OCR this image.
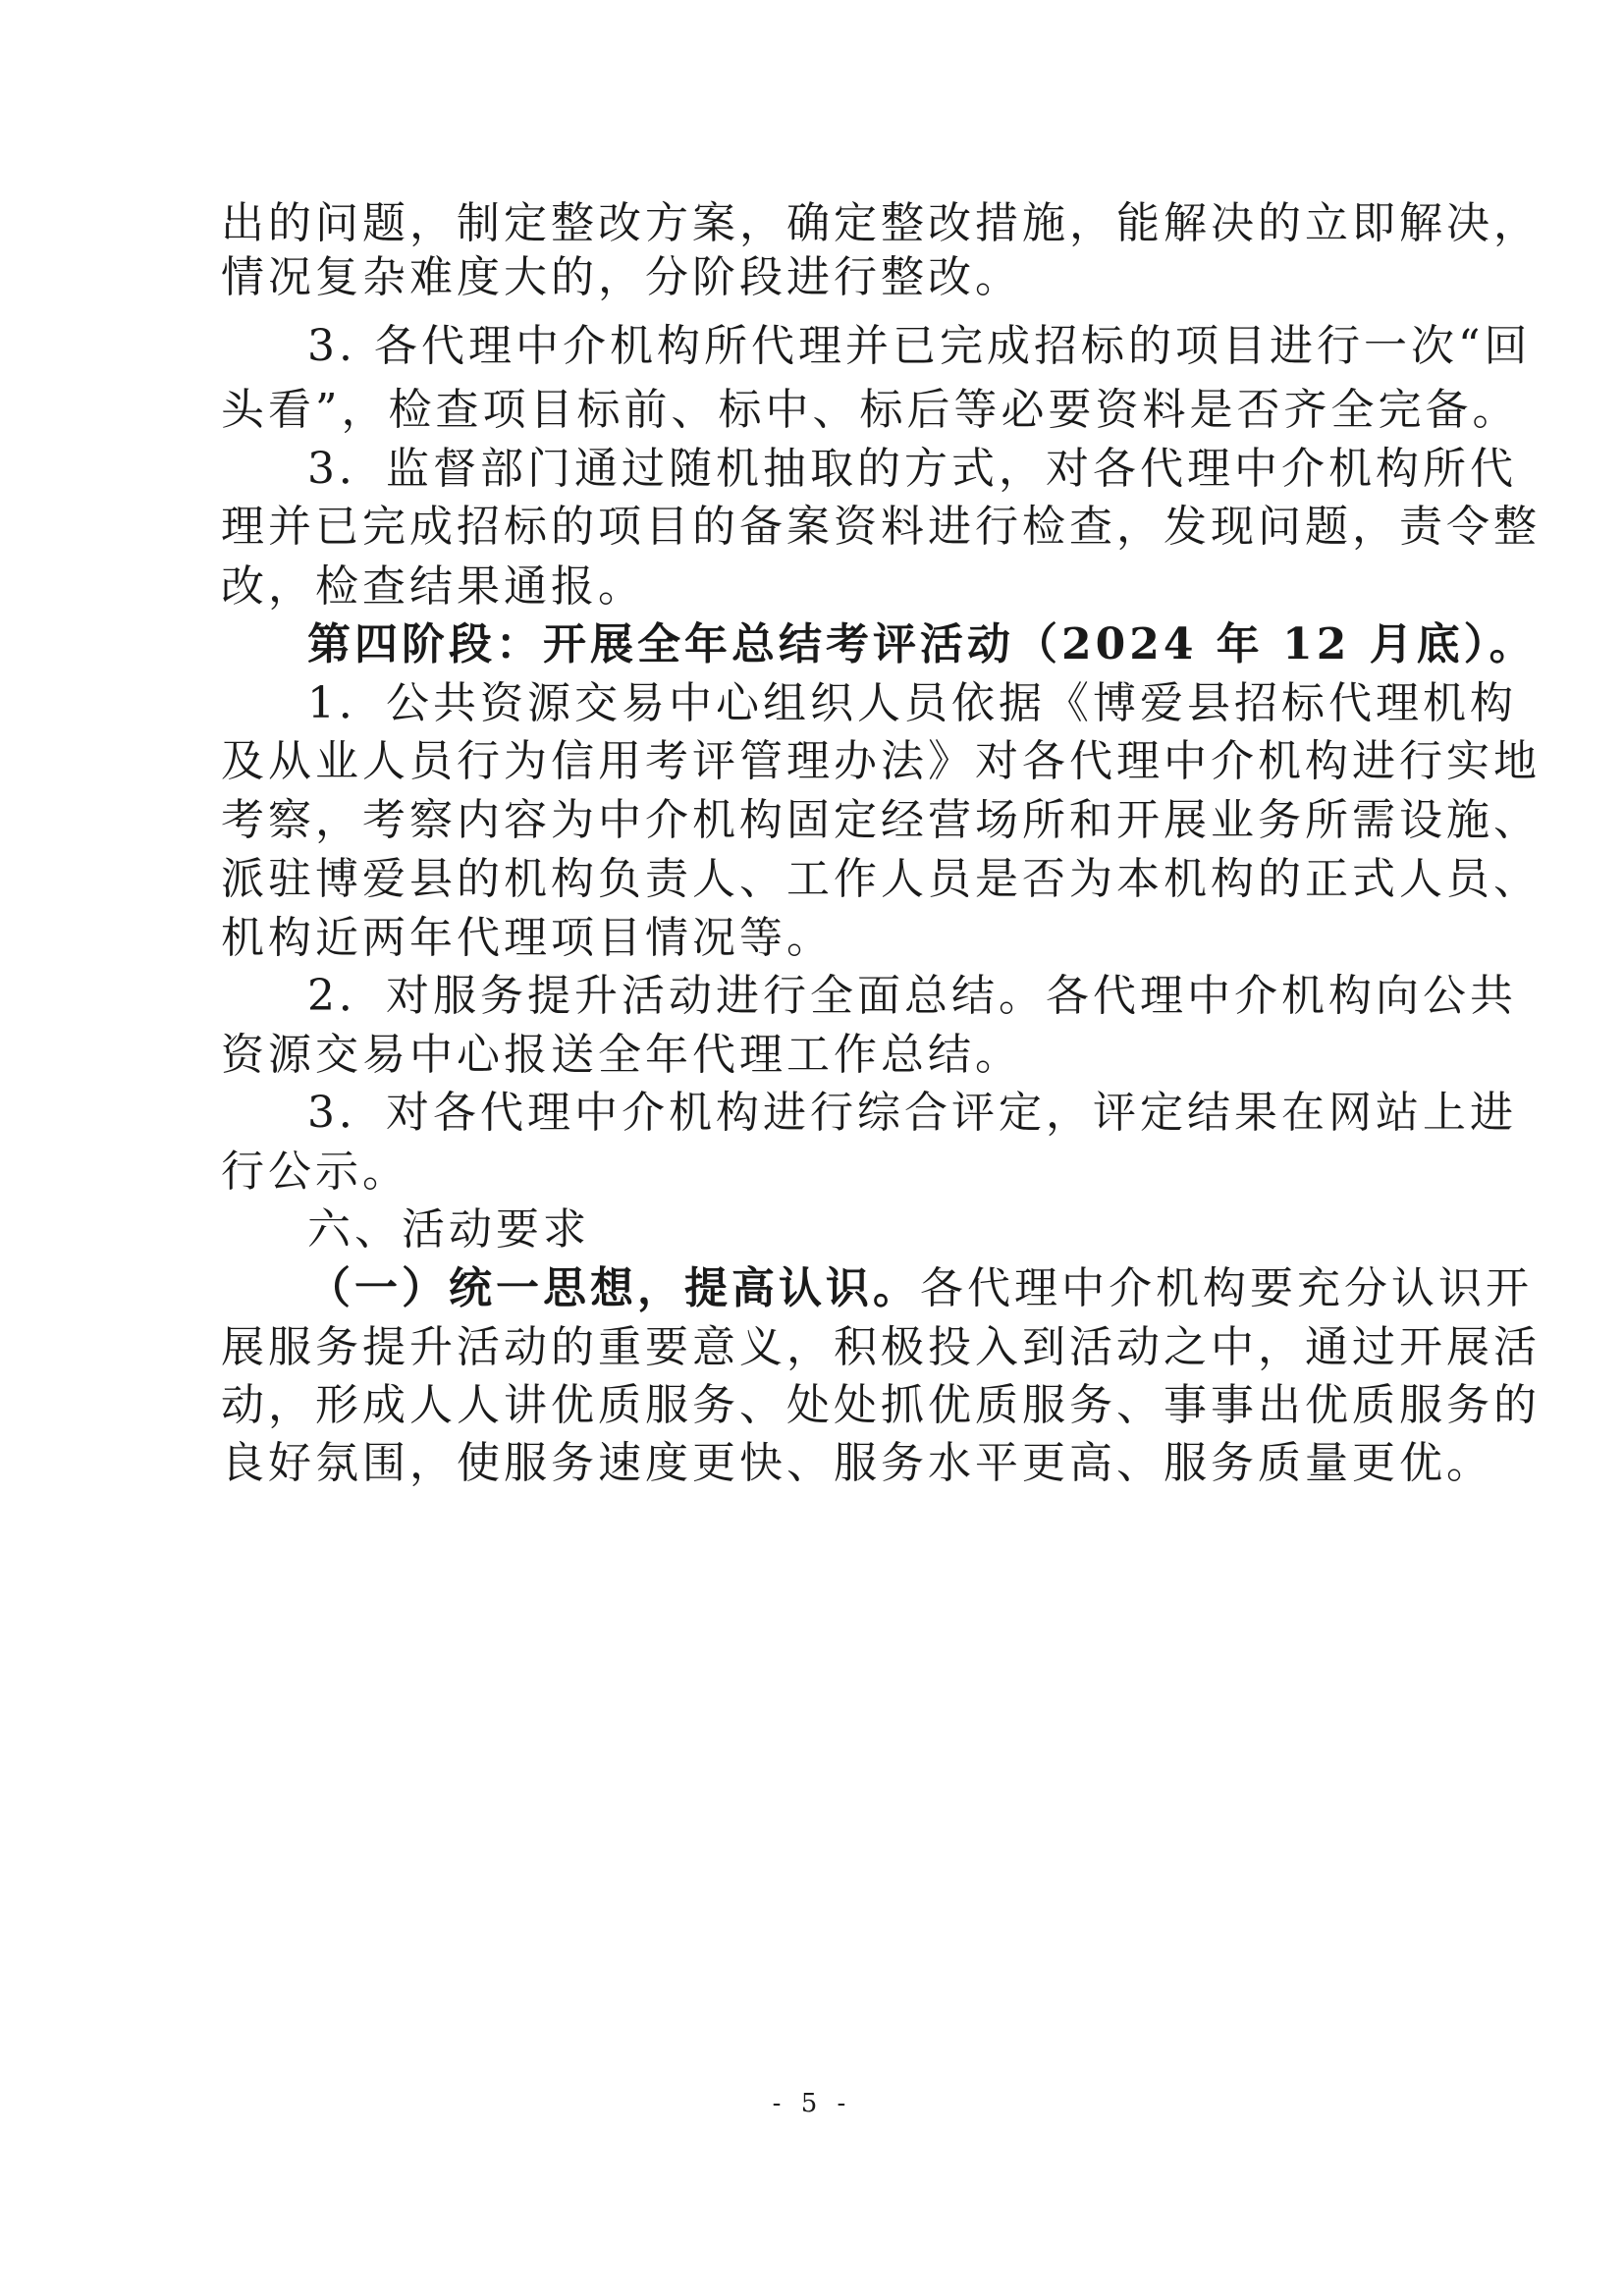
出的问题，制定整改方案，确定整改措施，能解决的立即解决，
情况复杂难度大的，分阶段进行整改。
3. 各代理中介机构所代理并已完成招标的项目进行一次“回
头看”，检查项目标前、标中、标后等必要资料是否齐全完备。
3．监督部门通过随机抽取的方式，对各代理中介机构所代
理并已完成招标的项目的备案资料进行检查，发现问题，责令整
改，检查结果通报。
第四阶段：开展全年总结考评活动（2024 年 12 月底）。
1．公共资源交易中心组织人员依据《博爱县招标代理机构
及从业人员行为信用考评管理办法》对各代理中介机构进行实地
考察，考察内容为中介机构固定经营场所和开展业务所需设施、
派驻博爱县的机构负责人、工作人员是否为本机构的正式人员、
机构近两年代理项目情况等。
2．对服务提升活动进行全面总结。各代理中介机构向公共
资源交易中心报送全年代理工作总结。
3．对各代理中介机构进行综合评定，评定结果在网站上进
行公示。
六、活动要求
（一）统一思想，提高认识。各代理中介机构要充分认识开
展服务提升活动的重要意义，积极投入到活动之中，通过开展活
动，形成人人讲优质服务、处处抓优质服务、事事出优质服务的
良好氛围，使服务速度更快、服务水平更高、服务质量更优。
- 5 -
